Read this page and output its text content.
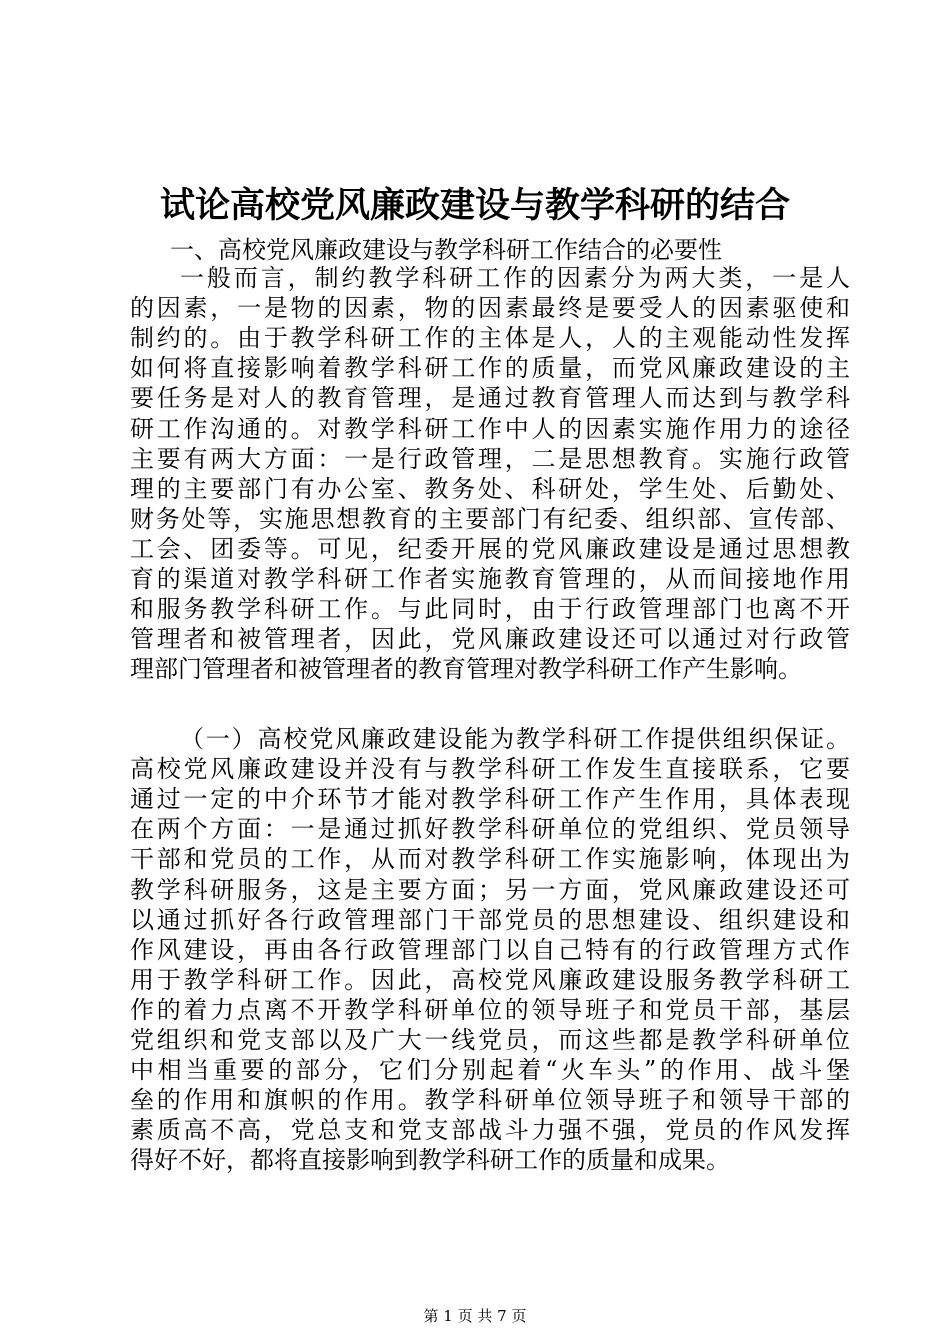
试论高校党风廉政建设与教学科研的结合
一、高校党风廉政建设与教学科研工作结合的必要性
一般而言，制约教学科研工作的因素分为两大类，一是人
的因素，一是物的因素，物的因素最终是要受人的因素驱使和
制约的。由于教学科研工作的主体是人，人的主观能动性发挥
如何将直接影响着教学科研工作的质量，而党风廉政建设的主
要任务是对人的教育管理，是通过教育管理人而达到与教学科
研工作沟通的。对教学科研工作中人的因素实施作用力的途径
主要有两大方面：一是行政管理，二是思想教育。实施行政管
理的主要部门有办公室、教务处、科研处，学生处、后勤处、
财务处等，实施思想教育的主要部门有纪委、组织部、宣传部、
工会、团委等。可见，纪委开展的党风廉政建设是通过思想教
育的渠道对教学科研工作者实施教育管理的，从而间接地作用
和服务教学科研工作。与此同时，由于行政管理部门也离不开
管理者和被管理者，因此，党风廉政建设还可以通过对行政管
理部门管理者和被管理者的教育管理对教学科研工作产生影响。
（一）高校党风廉政建设能为教学科研工作提供组织保证。
高校党风廉政建设并没有与教学科研工作发生直接联系，它要
通过一定的中介环节才能对教学科研工作产生作用，具体表现
在两个方面：一是通过抓好教学科研单位的党组织、党员领导
干部和党员的工作，从而对教学科研工作实施影响，体现出为
教学科研服务，这是主要方面；另一方面，党风廉政建设还可
以通过抓好各行政管理部门干部党员的思想建设、组织建设和
作风建设，再由各行政管理部门以自己特有的行政管理方式作
用于教学科研工作。因此，高校党风廉政建设服务教学科研工
作的着力点离不开教学科研单位的领导班子和党员干部，基层
党组织和党支部以及广大一线党员，而这些都是教学科研单位
中相当重要的部分，它们分别起着“火车头”的作用、战斗堡
垒的作用和旗帜的作用。教学科研单位领导班子和领导干部的
素质高不高，党总支和党支部战斗力强不强，党员的作风发挥
得好不好，都将直接影响到教学科研工作的质量和成果。
第 1 页 共 7 页
